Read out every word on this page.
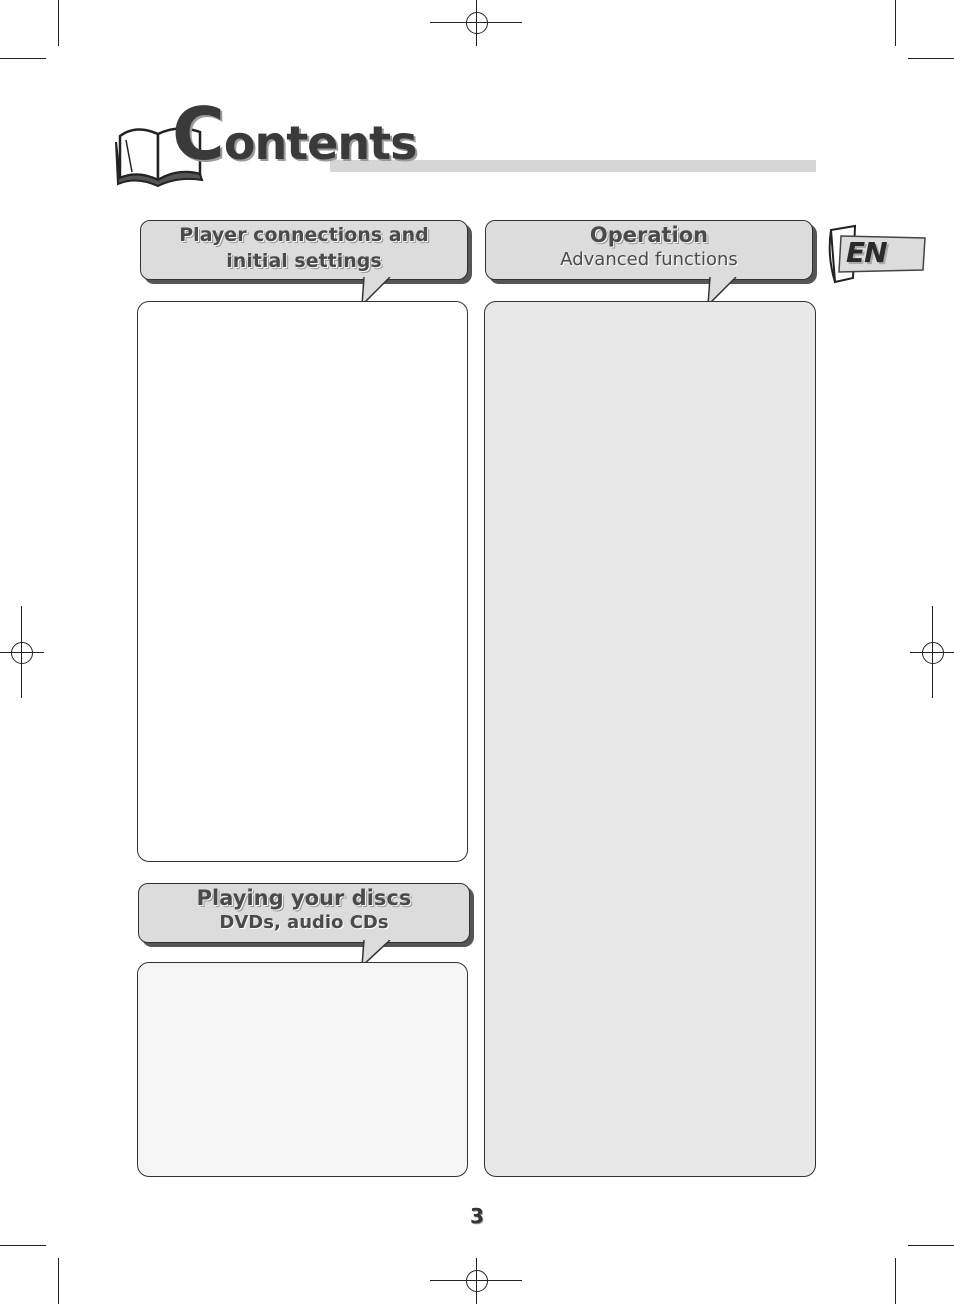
Contents
EN
Player connections and
initial settings
Operation
Advanced functions
Playing your discs
DVDs, audio CDs
3
